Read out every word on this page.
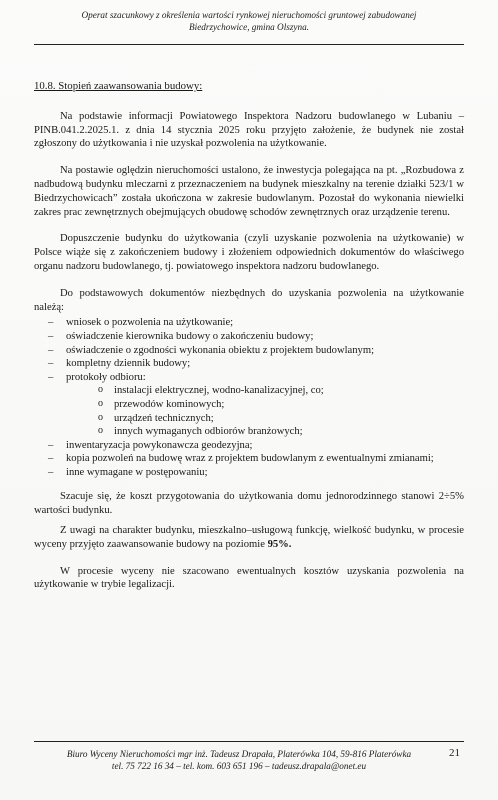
Operat szacunkowy z określenia wartości rynkowej nieruchomości gruntowej zabudowanej
Biedrzychowice, gmina Olszyna.
10.8. Stopień zaawansowania budowy:

Na podstawie informacji Powiatowego Inspektora Nadzoru budowlanego w Lubaniu – PINB.041.2.2025.1. z dnia 14 stycznia 2025 roku przyjęto założenie, że budynek nie został zgłoszony do użytkowania i nie uzyskał pozwolenia na użytkowanie.

Na postawie oględzin nieruchomości ustalono, że inwestycja polegająca na pt. „Rozbudowa z nadbudową budynku mleczarni z przeznaczeniem na budynek mieszkalny na terenie działki 523/1 w Biedrzychowicach” została ukończona w zakresie budowlanym. Pozostał do wykonania niewielki zakres prac zewnętrznych obejmujących obudowę schodów zewnętrznych oraz urządzenie terenu.

Dopuszczenie budynku do użytkowania (czyli uzyskanie pozwolenia na użytkowanie) w Polsce wiąże się z zakończeniem budowy i złożeniem odpowiednich dokumentów do właściwego organu nadzoru budowlanego, tj. powiatowego inspektora nadzoru budowlanego.

Do podstawowych dokumentów niezbędnych do uzyskania pozwolenia na użytkowanie należą:

– wniosek o pozwolenia na użytkowanie;
– oświadczenie kierownika budowy o zakończeniu budowy;
– oświadczenie o zgodności wykonania obiektu z projektem budowlanym;
– kompletny dziennik budowy;
– protokoły odbioru:
o instalacji elektrycznej, wodno-kanalizacyjnej, co;
o przewodów kominowych;
o urządzeń technicznych;
o innych wymaganych odbiorów branżowych;
– inwentaryzacja powykonawcza geodezyjna;
– kopia pozwoleń na budowę wraz z projektem budowlanym z ewentualnymi zmianami;
– inne wymagane w postępowaniu;

Szacuje się, że koszt przygotowania do użytkowania domu jednorodzinnego stanowi 2÷5% wartości budynku.

Z uwagi na charakter budynku, mieszkalno–usługową funkcję, wielkość budynku, w procesie wyceny przyjęto zaawansowanie budowy na poziomie 95%.

W procesie wyceny nie szacowano ewentualnych kosztów uzyskania pozwolenia na użytkowanie w trybie legalizacji.

Biuro Wyceny Nieruchomości mgr inż. Tadeusz Drapała, Platerówka 104, 59-816 Platerówka
tel. 75 722 16 34 – tel. kom. 603 651 196 – tadeusz.drapala@onet.eu
21
